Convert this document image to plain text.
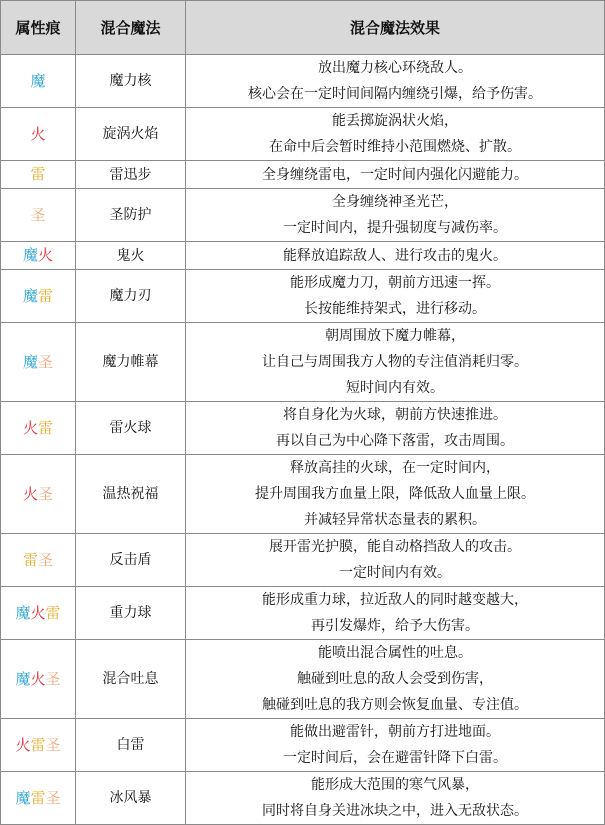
属性痕	混合魔法	混合魔法效果
魔	魔力核	放出魔力核心环绕敌人。
核心会在一定时间间隔内缠绕引爆，给予伤害。

火	旋涡火焰	能丢掷旋涡状火焰，
在命中后会暂时维持小范围燃烧、扩散。

雷	雷迅步	全身缠绕雷电，一定时间内强化闪避能力。

圣	圣防护	全身缠绕神圣光芒，
一定时间内，提升强韧度与减伤率。

魔火	鬼火	能释放追踪敌人、进行攻击的鬼火。

魔雷	魔力刃	能形成魔力刀，朝前方迅速一挥。
长按能维持架式，进行移动。

魔圣	魔力帷幕	朝周围放下魔力帷幕，
让自己与周围我方人物的专注值消耗归零。
短时间内有效。

火雷	雷火球	将自身化为火球，朝前方快速推进。
再以自己为中心降下落雷，攻击周围。

火圣	温热祝福	释放高挂的火球，在一定时间内，
提升周围我方血量上限，降低敌人血量上限。
并减轻异常状态量表的累积。

雷圣	反击盾	展开雷光护膜，能自动格挡敌人的攻击。
一定时间内有效。

魔火雷	重力球	能形成重力球，拉近敌人的同时越变越大，
再引发爆炸，给予大伤害。

魔火圣	混合吐息	能喷出混合属性的吐息。
触碰到吐息的敌人会受到伤害，
触碰到吐息的我方则会恢复血量、专注值。

火雷圣	白雷	能做出避雷针，朝前方打进地面。
一定时间后，会在避雷针降下白雷。

魔雷圣	冰风暴	能形成大范围的寒气风暴，
同时将自身关进冰块之中，进入无敌状态。
